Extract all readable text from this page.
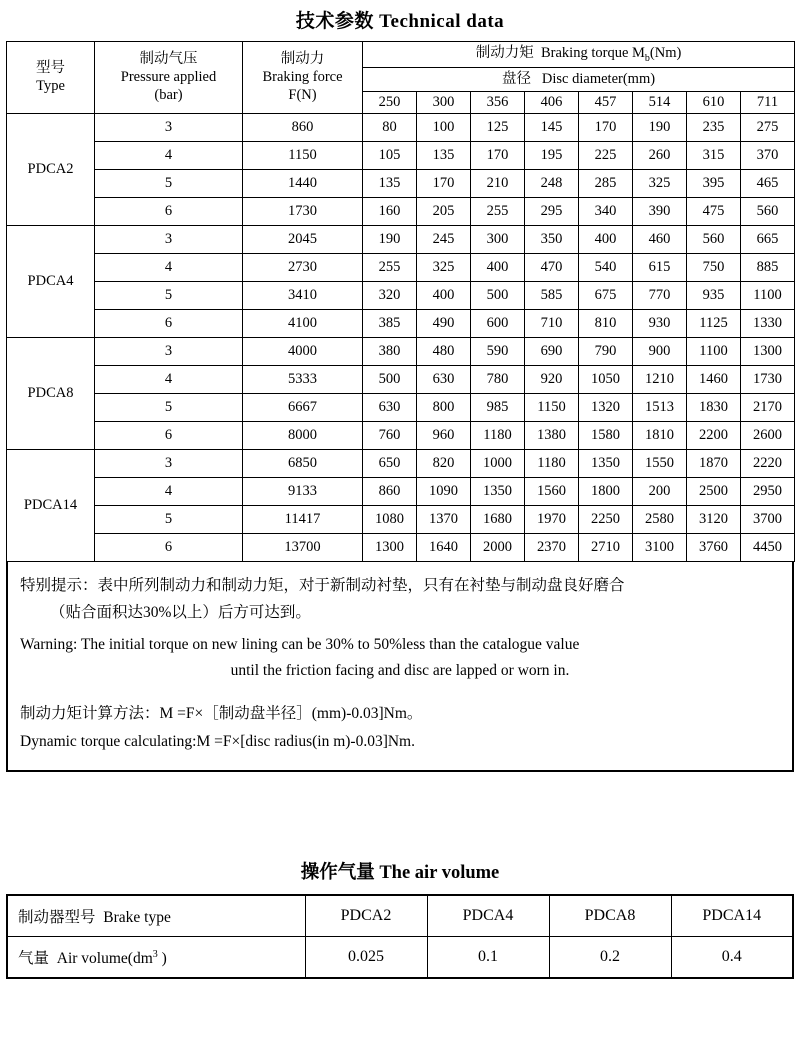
技术参数 Technical data
型号
Type	制动气压
Pressure applied
(bar)	制动力
Braking force
F(N)	制动力矩 Braking torque $M_b(Nm)$							
			盘径 Disc diameter(mm)							
			250	300	356	406	457	514	610	711
PDCA2	3	860	80	100	125	145	170	190	235	275
	4	1150	105	135	170	195	225	260	315	370
	5	1440	135	170	210	248	285	325	395	465
	6	1730	160	205	255	295	340	390	475	560
PDCA4	3	2045	190	245	300	350	400	460	560	665
	4	2730	255	325	400	470	540	615	750	885
	5	3410	320	400	500	585	675	770	935	1100
	6	4100	385	490	600	710	810	930	1125	1330
PDCA8	3	4000	380	480	590	690	790	900	1100	1300
	4	5333	500	630	780	920	1050	1210	1460	1730
	5	6667	630	800	985	1150	1320	1513	1830	2170
	6	8000	760	960	1180	1380	1580	1810	2200	2600
PDCA14	3	6850	650	820	1000	1180	1350	1550	1870	2220
	4	9133	860	1090	1350	1560	1800	200	2500	2950
	5	11417	1080	1370	1680	1970	2250	2580	3120	3700
	6	13700	1300	1640	2000	2370	2710	3100	3760	4450
特别提示：表中所列制动力和制动力矩，对于新制动衬垫，只有在衬垫与制动盘良好磨合
（贴合面积达30%以上）后方可达到。
Warning: The initial torque on new lining can be 30% to 50%less than the catalogue value
until the friction facing and disc are lapped or worn in.
制动力矩计算方法：M =F×［制动盘半径］(mm)-0.03]Nm。
Dynamic torque calculating:M =F×[disc radius(in m)-0.03]Nm.
操作气量 The air volume
制动器型号 Brake type	PDCA2	PDCA4	PDCA8	PDCA14
气量 Air $volume(dm^3$ )	0.025	0.1	0.2	0.4
